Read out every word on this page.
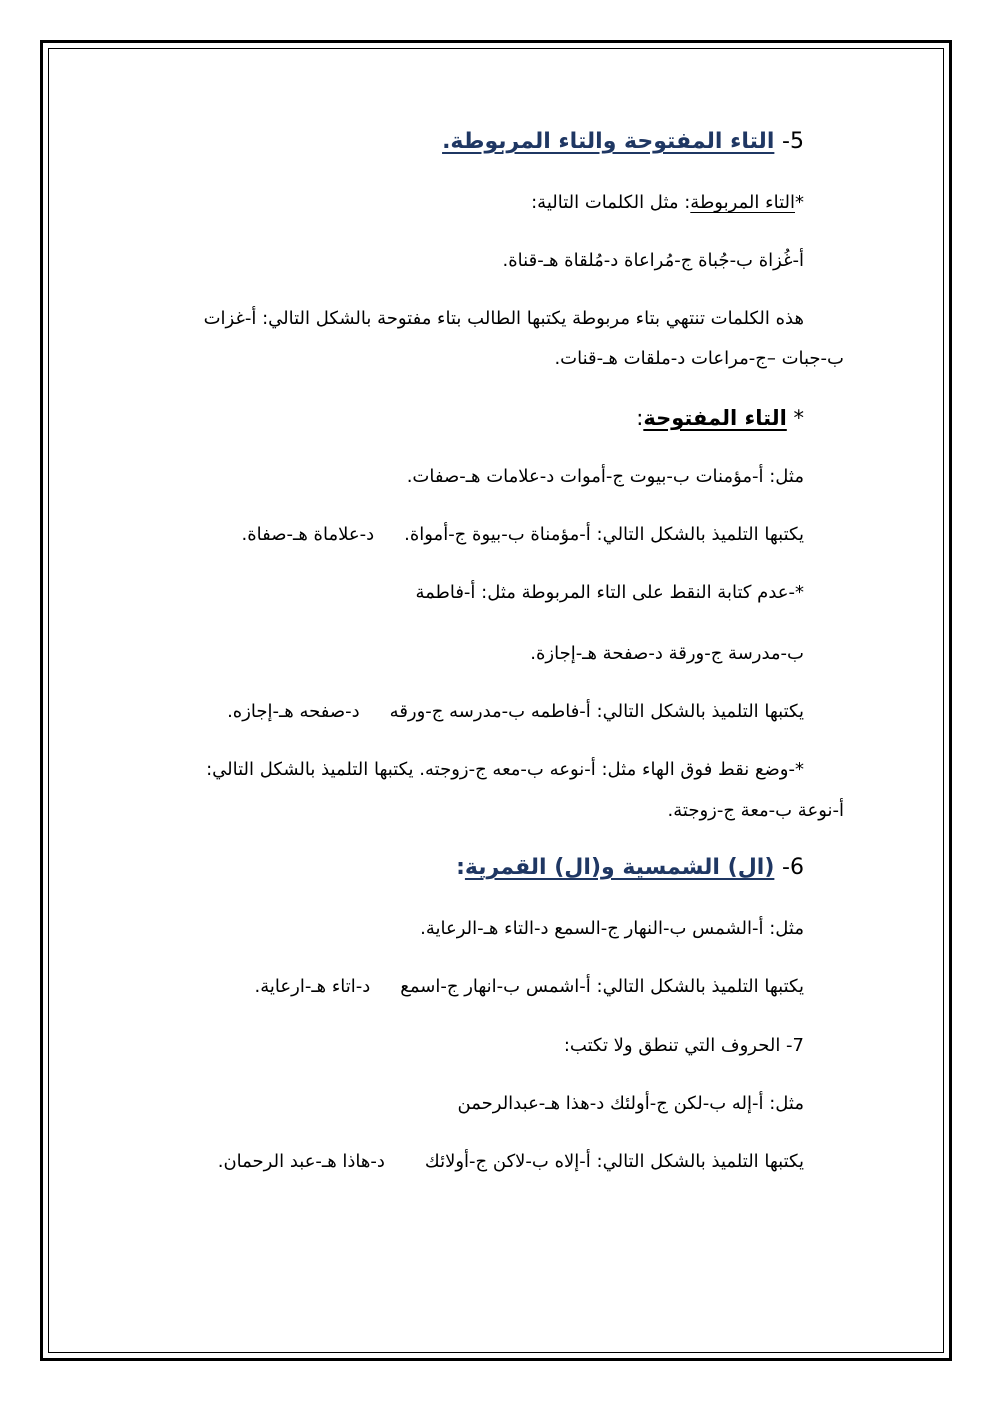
5- التاء المفتوحة والتاء المربوطة.
*التاء المربوطة: مثل الكلمات التالية:
أ-غُزاة ب-جُباة ج-مُراعاة د-مُلقاة هـ-قناة.
هذه الكلمات تنتهي بتاء مربوطة يكتبها الطالب بتاء مفتوحة بالشكل التالي: أ-غزات
ب-جبات –ج-مراعات د-ملقات هـ-قنات.
* التاء المفتوحة:
مثل: أ-مؤمنات ب-بيوت ج-أموات د-علامات هـ-صفات.
يكتبها التلميذ بالشكل التالي: أ-مؤمناة ب-بيوة ج-أمواة.د-علاماة هـ-صفاة.
*-عدم كتابة النقط على التاء المربوطة مثل: أ-فاطمة
ب-مدرسة ج-ورقة د-صفحة هـ-إجازة.
يكتبها التلميذ بالشكل التالي: أ-فاطمه ب-مدرسه ج-ورقهد-صفحه هـ-إجازه.
*-وضع نقط فوق الهاء مثل: أ-نوعه ب-معه ج-زوجته. يكتبها التلميذ بالشكل التالي:
أ-نوعة ب-معة ج-زوجتة.
6- (ال) الشمسية و(ال) القمرية:
مثل: أ-الشمس ب-النهار ج-السمع د-التاء هـ-الرعاية.
يكتبها التلميذ بالشكل التالي: أ-اشمس ب-انهار ج-اسمعد-اتاء هـ-ارعاية.
7- الحروف التي تنطق ولا تكتب:
مثل: أ-إله ب-لكن ج-أولئك د-هذا هـ-عبدالرحمن
يكتبها التلميذ بالشكل التالي: أ-إلاه ب-لاكن ج-أولائكد-هاذا هـ-عبد الرحمان.
